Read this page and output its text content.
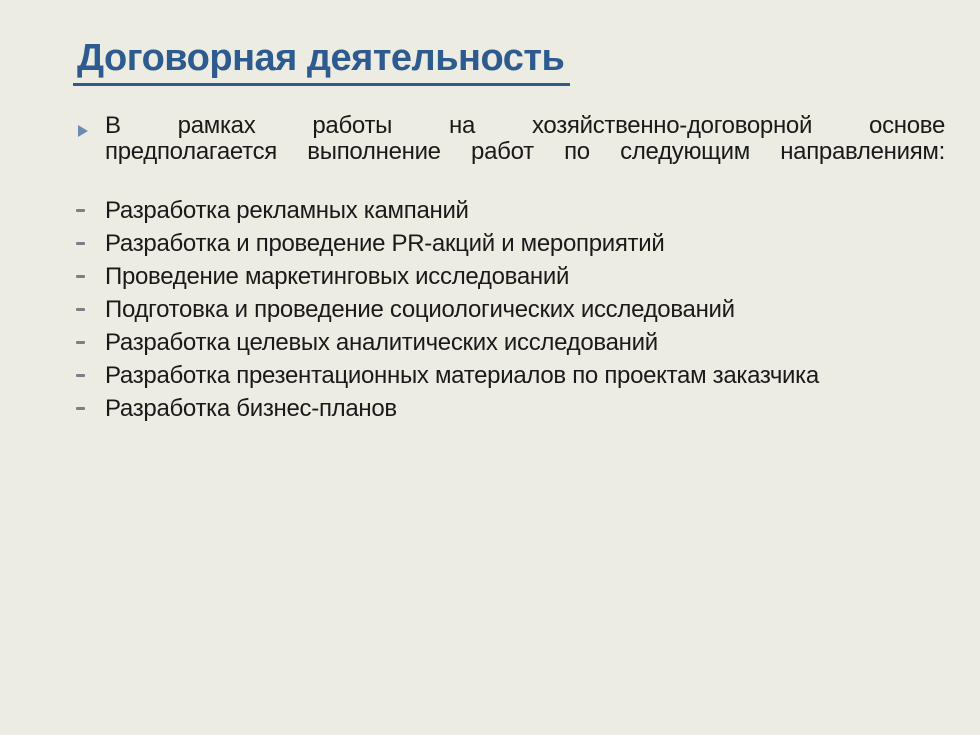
Договорная деятельность
В рамках работы на хозяйственно-договорной основе
предполагается выполнение работ по следующим направлениям:
Разработка рекламных кампаний
Разработка и проведение PR-акций и мероприятий
Проведение маркетинговых исследований
Подготовка и проведение социологических исследований
Разработка целевых аналитических исследований
Разработка презентационных материалов по проектам заказчика
Разработка бизнес-планов
